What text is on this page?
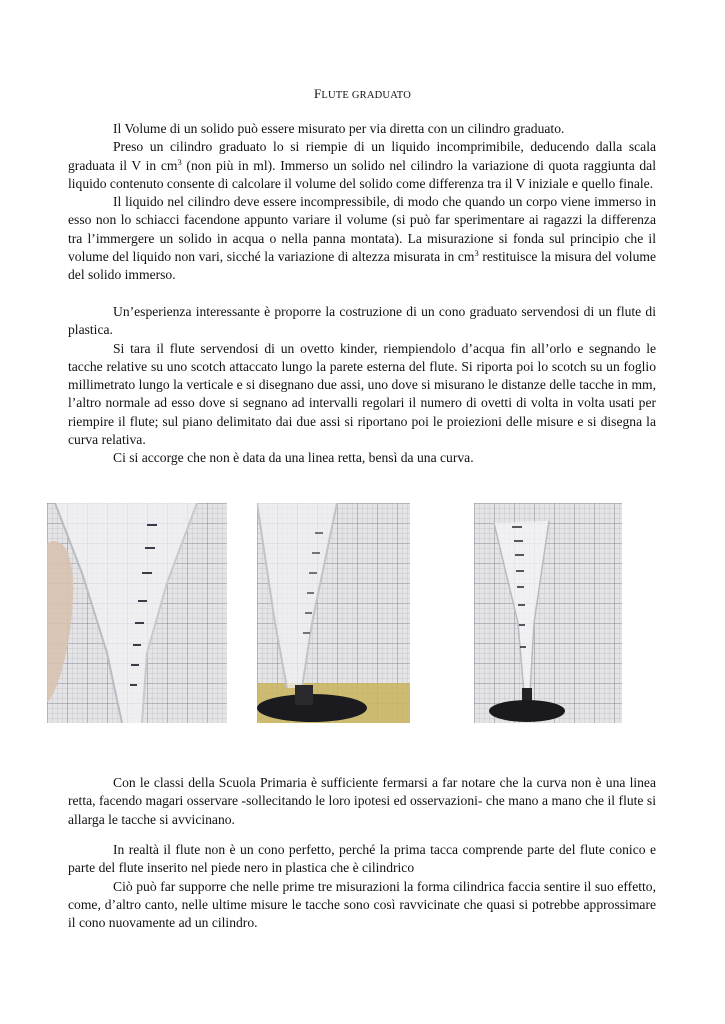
FLUTE GRADUATO

Il Volume di un solido può essere misurato per via diretta con un cilindro graduato.

Preso un cilindro graduato lo si riempie di un liquido incomprimibile, deducendo dalla scala graduata il V in $cm^3$ (non più in ml). Immerso un solido nel cilindro la variazione di quota raggiunta dal liquido contenuto consente di calcolare il volume del solido come differenza tra il V iniziale e quello finale.

Il liquido nel cilindro deve essere incompressibile, di modo che quando un corpo viene immerso in esso non lo schiacci facendone appunto variare il volume (si può far sperimentare ai ragazzi la differenza tra l’immergere un solido in acqua o nella panna montata). La misurazione si fonda sul principio che il volume del liquido non vari, sicché la variazione di altezza misurata in $cm^3$ restituisce la misura del volume del solido immerso.

Un’esperienza interessante è proporre la costruzione di un cono graduato servendosi di un flute di plastica.

Si tara il flute servendosi di un ovetto kinder, riempiendolo d’acqua fin all’orlo e segnando le tacche relative su uno scotch attaccato lungo la parete esterna del flute. Si riporta poi lo scotch su un foglio millimetrato lungo la verticale e si disegnano due assi, uno dove si misurano le distanze delle tacche in mm, l’altro normale ad esso dove si segnano ad intervalli regolari il numero di ovetti di volta in volta usati per riempire il flute; sul piano delimitato dai due assi si riportano poi le proiezioni delle misure e si disegna la curva relativa.

Ci si accorge che non è data da una linea retta, bensì da una curva.

Con le classi della Scuola Primaria è sufficiente fermarsi a far notare che la curva non è una linea retta, facendo magari osservare -sollecitando le loro ipotesi ed osservazioni- che mano a mano che il flute si allarga le tacche si avvicinano.

In realtà il flute non è un cono perfetto, perché la prima tacca comprende parte del flute conico e parte del flute inserito nel piede nero in plastica che è cilindrico

Ciò può far supporre che nelle prime tre misurazioni la forma cilindrica faccia sentire il suo effetto, come, d’altro canto, nelle ultime misure le tacche sono così ravvicinate che quasi si potrebbe approssimare il cono nuovamente ad un cilindro.
